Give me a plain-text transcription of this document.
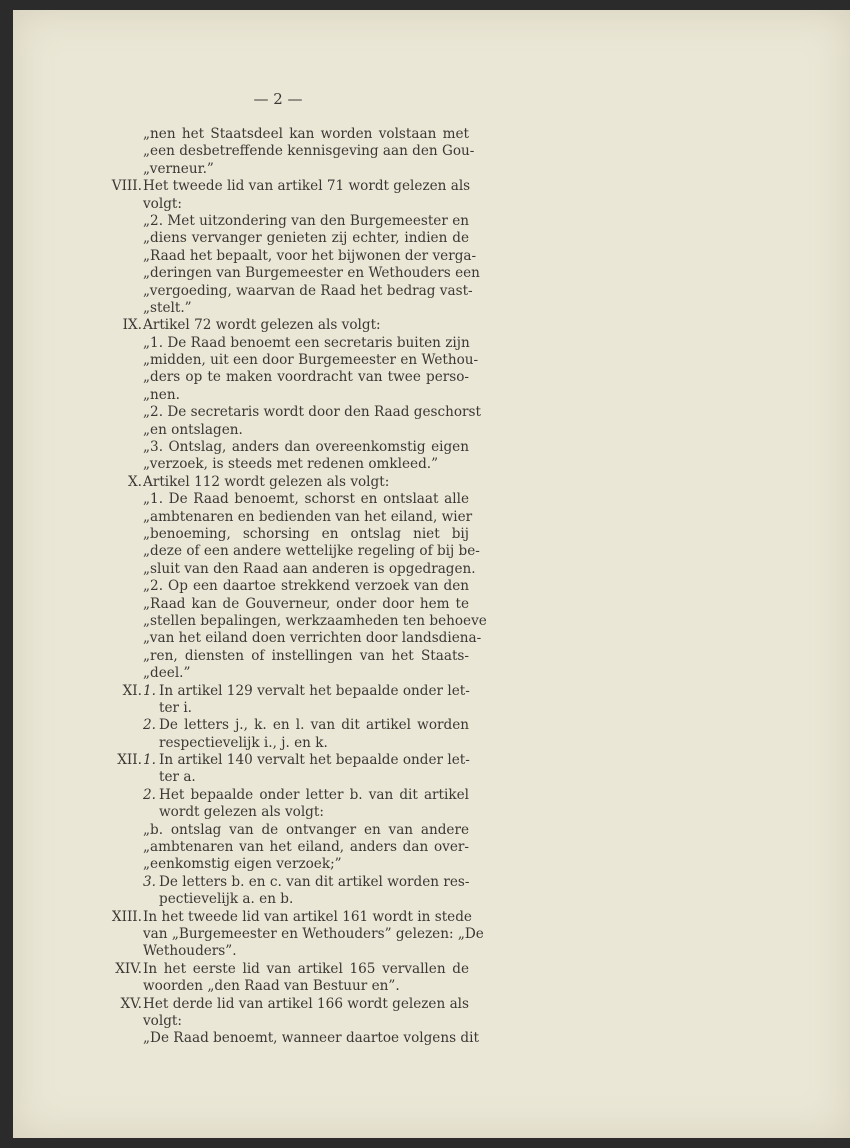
— 2 —
„nen het Staatsdeel kan worden volstaan met
„een desbetreffende kennisgeving aan den Gou-
„verneur.”
VIII. Het tweede lid van artikel 71 wordt gelezen als
volgt:
„2. Met uitzondering van den Burgemeester en
„diens vervanger genieten zij echter, indien de
„Raad het bepaalt, voor het bijwonen der verga-
„deringen van Burgemeester en Wethouders een
„vergoeding, waarvan de Raad het bedrag vast-
„stelt.”
IX. Artikel 72 wordt gelezen als volgt:
„1. De Raad benoemt een secretaris buiten zijn
„midden, uit een door Burgemeester en Wethou-
„ders op te maken voordracht van twee perso-
„nen.
„2. De secretaris wordt door den Raad geschorst
„en ontslagen.
„3. Ontslag, anders dan overeenkomstig eigen
„verzoek, is steeds met redenen omkleed.”
X. Artikel 112 wordt gelezen als volgt:
„1. De Raad benoemt, schorst en ontslaat alle
„ambtenaren en bedienden van het eiland, wier
„benoeming, schorsing en ontslag niet bij
„deze of een andere wettelijke regeling of bij be-
„sluit van den Raad aan anderen is opgedragen.
„2. Op een daartoe strekkend verzoek van den
„Raad kan de Gouverneur, onder door hem te
„stellen bepalingen, werkzaamheden ten behoeve
„van het eiland doen verrichten door landsdiena-
„ren, diensten of instellingen van het Staats-
„deel.”
XI. 1. In artikel 129 vervalt het bepaalde onder let-
ter i.
2. De letters j., k. en l. van dit artikel worden
respectievelijk i., j. en k.
XII. 1. In artikel 140 vervalt het bepaalde onder let-
ter a.
2. Het bepaalde onder letter b. van dit artikel
wordt gelezen als volgt:
„b. ontslag van de ontvanger en van andere
„ambtenaren van het eiland, anders dan over-
„eenkomstig eigen verzoek;”
3. De letters b. en c. van dit artikel worden res-
pectievelijk a. en b.
XIII. In het tweede lid van artikel 161 wordt in stede
van „Burgemeester en Wethouders” gelezen: „De
Wethouders”.
XIV. In het eerste lid van artikel 165 vervallen de
woorden „den Raad van Bestuur en”.
XV. Het derde lid van artikel 166 wordt gelezen als
volgt:
„De Raad benoemt, wanneer daartoe volgens dit
